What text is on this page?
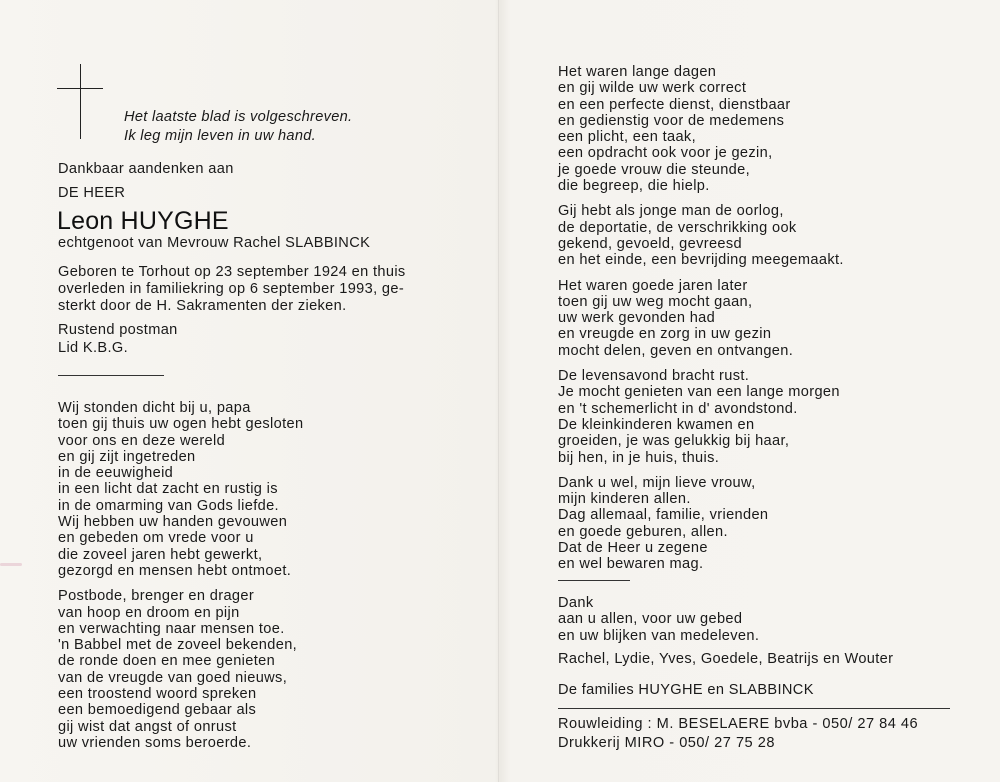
Het laatste blad is volgeschreven.
Ik leg mijn leven in uw hand.
Dankbaar aandenken aan
DE HEER
Leon HUYGHE
echtgenoot van Mevrouw Rachel SLABBINCK
Geboren te Torhout op 23 september 1924 en thuis
overleden in familiekring op 6 september 1993, ge-
sterkt door de H. Sakramenten der zieken.
Rustend postman
Lid K.B.G.
Wij stonden dicht bij u, papa
toen gij thuis uw ogen hebt gesloten
voor ons en deze wereld
en gij zijt ingetreden
in de eeuwigheid
in een licht dat zacht en rustig is
in de omarming van Gods liefde.
Wij hebben uw handen gevouwen
en gebeden om vrede voor u
die zoveel jaren hebt gewerkt,
gezorgd en mensen hebt ontmoet.
Postbode, brenger en drager
van hoop en droom en pijn
en verwachting naar mensen toe.
'n Babbel met de zoveel bekenden,
de ronde doen en mee genieten
van de vreugde van goed nieuws,
een troostend woord spreken
een bemoedigend gebaar als
gij wist dat angst of onrust
uw vrienden soms beroerde.
Het waren lange dagen
en gij wilde uw werk correct
en een perfecte dienst, dienstbaar
en gedienstig voor de medemens
een plicht, een taak,
een opdracht ook voor je gezin,
je goede vrouw die steunde,
die begreep, die hielp.
Gij hebt als jonge man de oorlog,
de deportatie, de verschrikking ook
gekend, gevoeld, gevreesd
en het einde, een bevrijding meegemaakt.
Het waren goede jaren later
toen gij uw weg mocht gaan,
uw werk gevonden had
en vreugde en zorg in uw gezin
mocht delen, geven en ontvangen.
De levensavond bracht rust.
Je mocht genieten van een lange morgen
en 't schemerlicht in d' avondstond.
De kleinkinderen kwamen en
groeiden, je was gelukkig bij haar,
bij hen, in je huis, thuis.
Dank u wel, mijn lieve vrouw,
mijn kinderen allen.
Dag allemaal, familie, vrienden
en goede geburen, allen.
Dat de Heer u zegene
en wel bewaren mag.
Dank
aan u allen, voor uw gebed
en uw blijken van medeleven.
Rachel, Lydie, Yves, Goedele, Beatrijs en Wouter
De families HUYGHE en SLABBINCK
Rouwleiding : M. BESELAERE bvba - 050/ 27 84 46
Drukkerij MIRO - 050/ 27 75 28
